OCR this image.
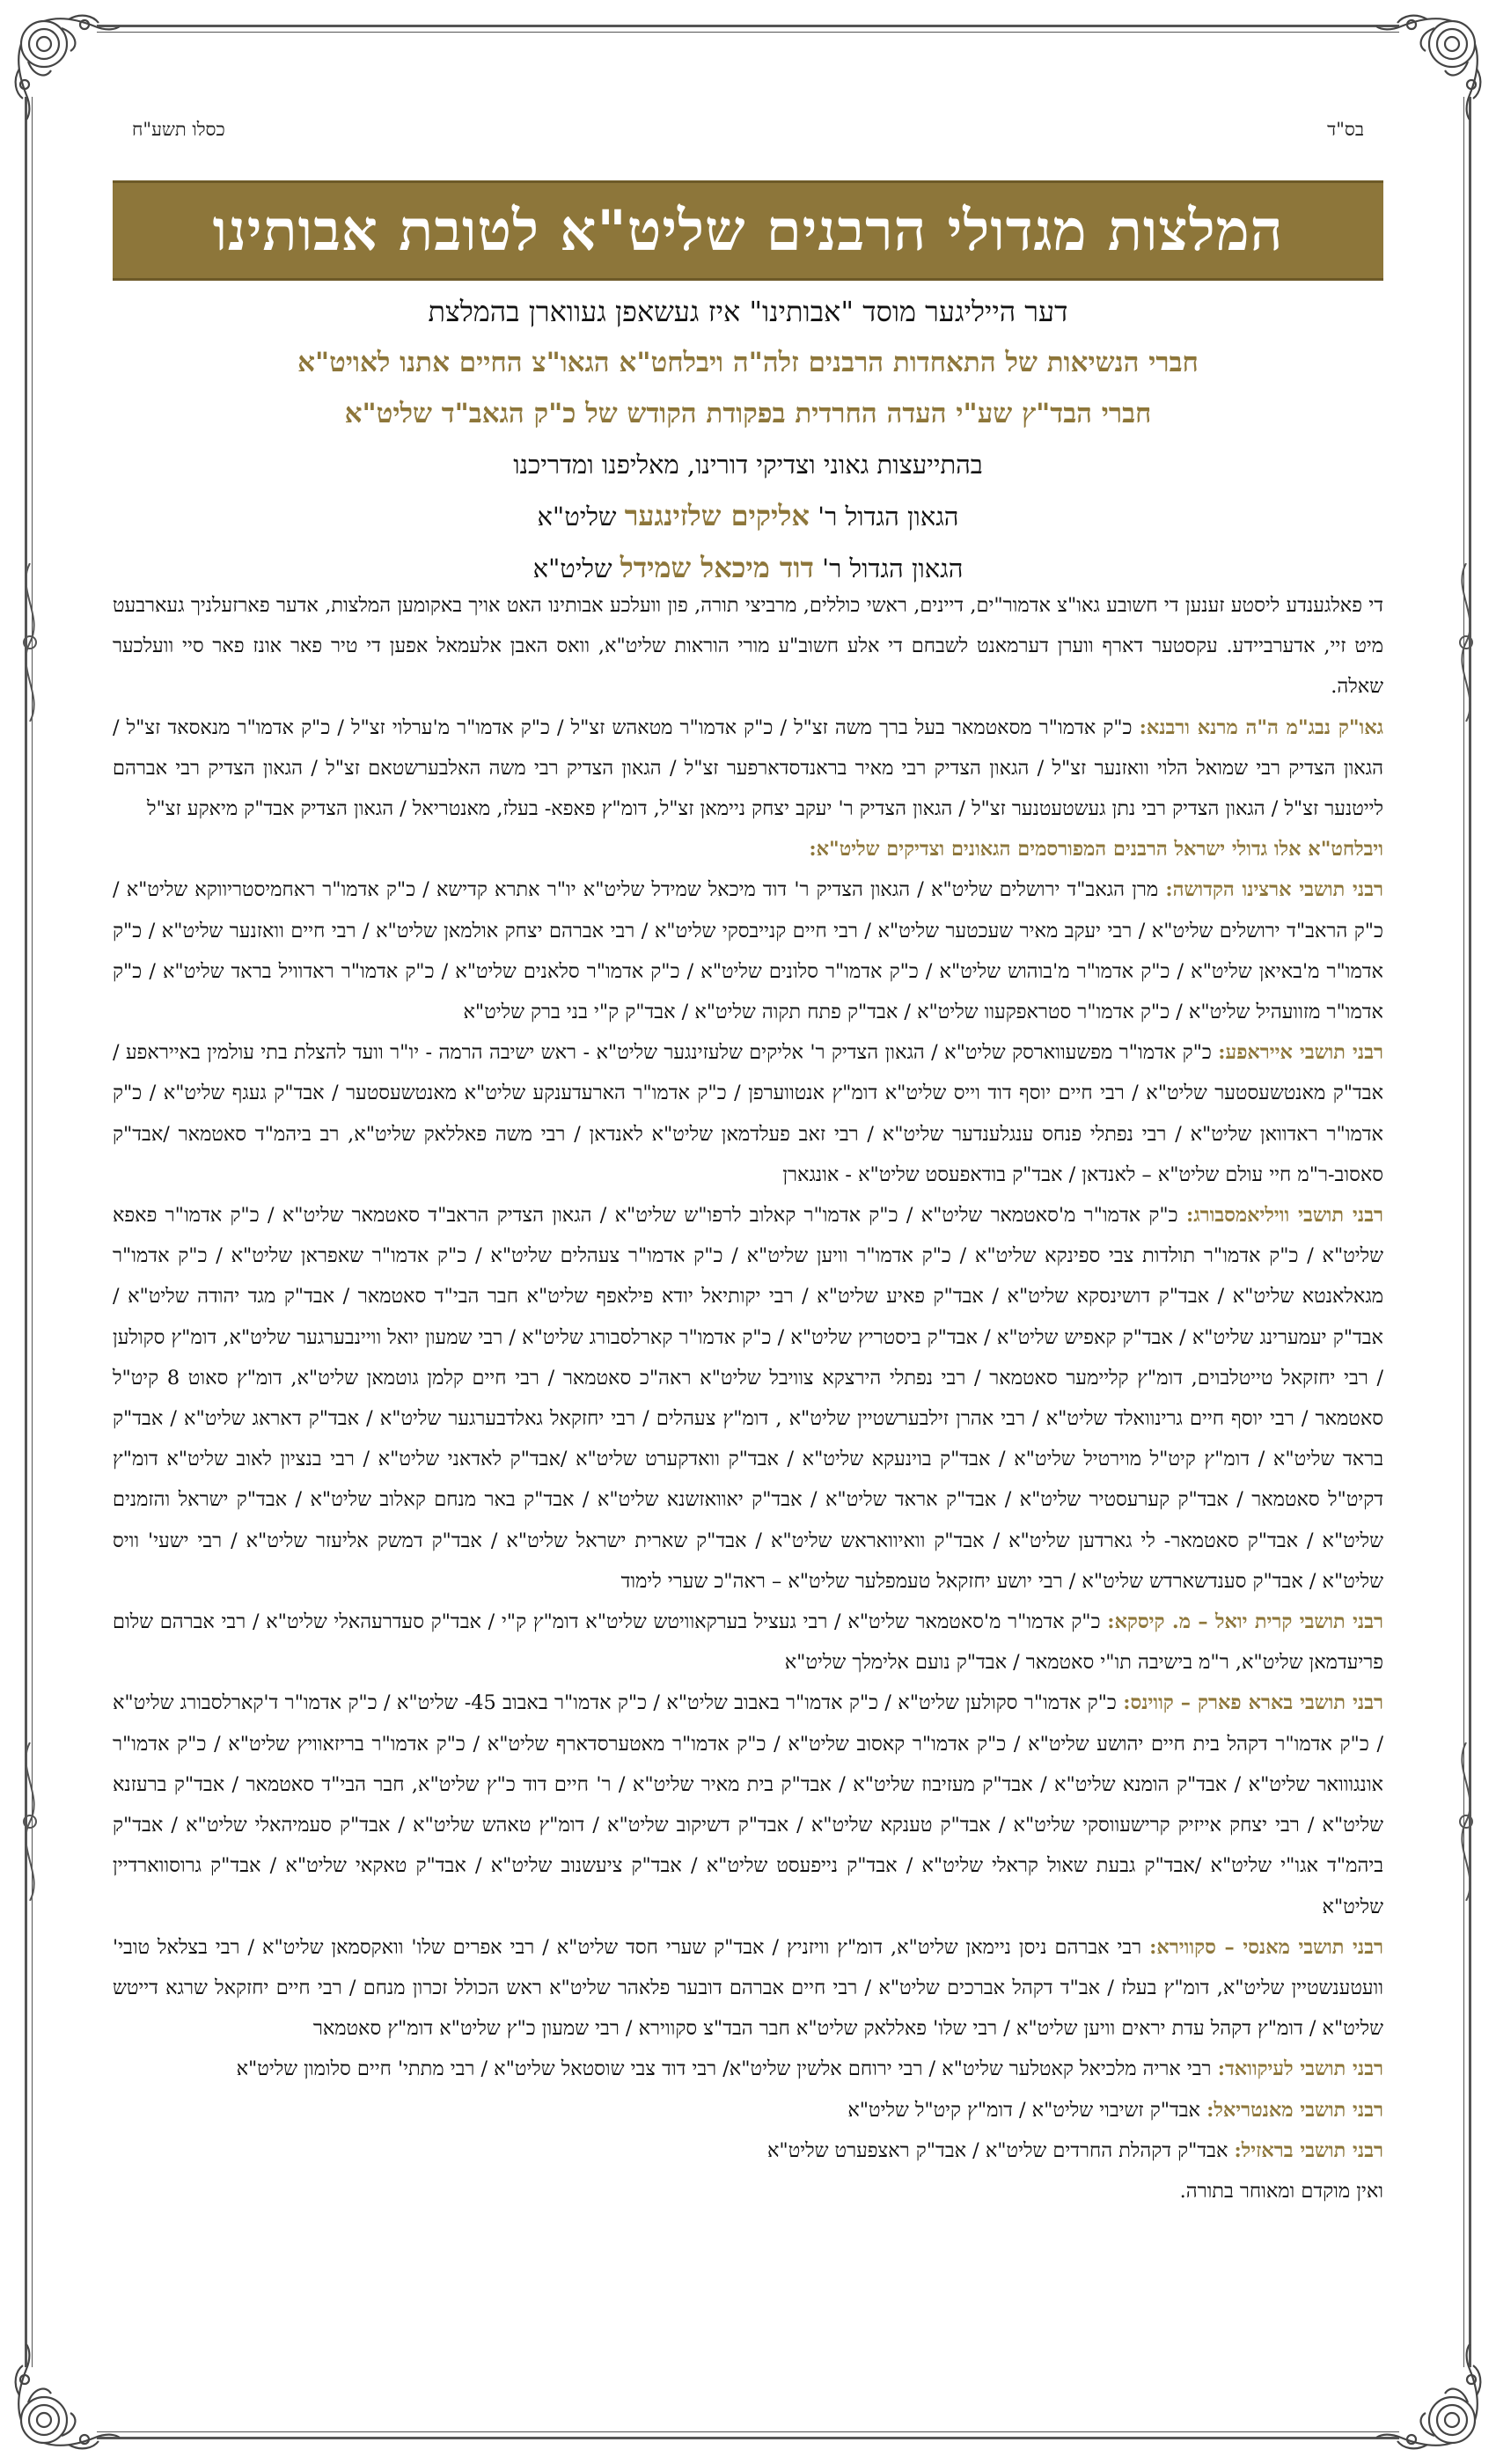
בס"ד
כסלו תשע"ח
המלצות מגדולי הרבנים שליט"א לטובת אבותינו
דער הייליגער מוסד "אבותינו" איז געשאפן געווארן בהמלצת
חברי הנשיאות של התאחדות הרבנים זלה"ה ויבלחט"א הגאו"צ החיים אתנו לאויט"א
חברי הבד"ץ שע"י העדה החרדית בפקודת הקודש של כ"ק הגאב"ד שליט"א
בהתייעצות גאוני וצדיקי דורינו, מאליפנו ומדריכנו
הגאון הגדול ר' אליקים שלזינגער שליט"א
הגאון הגדול ר' דוד מיכאל שמידל שליט"א

די פאלגענדע ליסטע זענען די חשובע גאו"צ אדמור"ים, דיינים, ראשי כוללים, מרביצי תורה, פון וועלכע אבותינו האט אויך באקומען המלצות, אדער פארזעלניך געארבעט מיט זיי, אדערביידע. עקסטער דארף ווערן דערמאנט לשבחם די אלע חשוב"ע מורי הוראות שליט"א, וואס האבן אלעמאל אפען די טיר פאר אונז פאר סיי וועלכער שאלה.

גאו"ק נבג"מ ה"ה מרנא ורבנא: כ"ק אדמו"ר מסאטמאר בעל ברך משה זצ"ל / כ"ק אדמו"ר מטאהש זצ"ל / כ"ק אדמו"ר מ'ערלוי זצ"ל / כ"ק אדמו"ר מנאסאד זצ"ל / הגאון הצדיק רבי שמואל הלוי וואזנער זצ"ל / הגאון הצדיק רבי מאיר בראנדסדארפער זצ"ל / הגאון הצדיק רבי משה האלבערשטאם זצ"ל / הגאון הצדיק רבי אברהם לייטנער זצ"ל / הגאון הצדיק רבי נתן געשטעטנער זצ"ל / הגאון הצדיק ר' יעקב יצחק ניימאן זצ"ל, דומ"ץ פאפא- בעלז, מאנטריאל / הגאון הצדיק אבד"ק מיאקע זצ"ל

ויבלחט"א אלו גדולי ישראל הרבנים המפורסמים הגאונים וצדיקים שליט"א:

רבני תושבי ארצינו הקדושה: מרן הגאב"ד ירושלים שליט"א / הגאון הצדיק ר' דוד מיכאל שמידל שליט"א יו"ר אתרא קדישא / כ"ק אדמו"ר ראחמיסטריווקא שליט"א / כ"ק הראב"ד ירושלים שליט"א / רבי יעקב מאיר שעכטער שליט"א / רבי חיים קנייבסקי שליט"א / רבי אברהם יצחק אולמאן שליט"א / רבי חיים וואזנער שליט"א / כ"ק אדמו"ר מ'באיאן שליט"א / כ"ק אדמו"ר מ'בוהוש שליט"א / כ"ק אדמו"ר סלונים שליט"א / כ"ק אדמו"ר סלאנים שליט"א / כ"ק אדמו"ר ראדוויל בראד שליט"א / כ"ק אדמו"ר מזוועהיל שליט"א / כ"ק אדמו"ר סטראפקעוו שליט"א / אבד"ק פתח תקוה שליט"א / אבד"ק ק"י בני ברק שליט"א

רבני תושבי אייראפע: כ"ק אדמו"ר מפשעווארסק שליט"א / הגאון הצדיק ר' אליקים שלעזינגער שליט"א - ראש ישיבה הרמה - יו"ר וועד להצלת בתי עולמין באייראפע / אבד"ק מאנטשעסטער שליט"א / רבי חיים יוסף דוד וייס שליט"א דומ"ץ אנטווערפן / כ"ק אדמו"ר הארעדענקע שליט"א מאנטשעסטער / אבד"ק געגף שליט"א / כ"ק אדמו"ר ראדוואן שליט"א / רבי נפתלי פנחס ענגלענדער שליט"א / רבי זאב פעלדמאן שליט"א לאנדאן / רבי משה פאללאק שליט"א, רב ביהמ"ד סאטמאר /אבד"ק סאסוב-ר"מ חיי עולם שליט"א – לאנדאן / אבד"ק בודאפעסט שליט"א - אונגארן

רבני תושבי וויליאמסבורג: כ"ק אדמו"ר מ'סאטמאר שליט"א / כ"ק אדמו"ר קאלוב לרפו"ש שליט"א / הגאון הצדיק הראב"ד סאטמאר שליט"א / כ"ק אדמו"ר פאפא שליט"א / כ"ק אדמו"ר תולדות צבי ספינקא שליט"א / כ"ק אדמו"ר וויען שליט"א / כ"ק אדמו"ר צעהלים שליט"א / כ"ק אדמו"ר שאפראן שליט"א / כ"ק אדמו"ר מגאלאנטא שליט"א / אבד"ק דושינסקא שליט"א / אבד"ק פאיע שליט"א / רבי יקותיאל יודא פילאפף שליט"א חבר הבי"ד סאטמאר / אבד"ק מגד יהודה שליט"א / אבד"ק יעמערינג שליט"א / אבד"ק קאפיש שליט"א / אבד"ק ביסטריץ שליט"א / כ"ק אדמו"ר קארלסבורג שליט"א / רבי שמעון יואל וויינבערגער שליט"א, דומ"ץ סקולען / רבי יחזקאל טייטלבוים, דומ"ץ קליימער סאטמאר / רבי נפתלי הירצקא צוויבל שליט"א ראה"כ סאטמאר / רבי חיים קלמן גוטמאן שליט"א, דומ"ץ סאוט 8 קיט"ל סאטמאר / רבי יוסף חיים גרינוואלד שליט"א / רבי אהרן זילבערשטיין שליט"א , דומ"ץ צעהלים / רבי יחזקאל גאלדבערגער שליט"א / אבד"ק דאראג שליט"א / אבד"ק בראד שליט"א / דומ"ץ קיט"ל מוירטיל שליט"א / אבד"ק בוינעקא שליט"א / אבד"ק וואדקערט שליט"א /אבד"ק לאדאני שליט"א / רבי בנציון לאוב שליט"א דומ"ץ דקיט"ל סאטמאר / אבד"ק קערעסטיר שליט"א / אבד"ק אראד שליט"א / אבד"ק יאוואזשנא שליט"א / אבד"ק באר מנחם קאלוב שליט"א / אבד"ק ישראל והזמנים שליט"א / אבד"ק סאטמאר- לי גארדען שליט"א / אבד"ק וואיוואראש שליט"א / אבד"ק שארית ישראל שליט"א / אבד"ק דמשק אליעזר שליט"א / רבי ישעי' וויס שליט"א / אבד"ק סענדשארדש שליט"א / רבי יושע יחזקאל טעמפלער שליט"א – ראה"כ שערי לימוד

רבני תושבי קרית יואל – מ. קיסקא: כ"ק אדמו"ר מ'סאטמאר שליט"א / רבי געציל בערקאוויטש שליט"א דומ"ץ ק"י / אבד"ק סעדרעהאלי שליט"א / רבי אברהם שלום פריעדמאן שליט"א, ר"מ בישיבה תו"י סאטמאר / אבד"ק נועם אלימלך שליט"א

רבני תושבי בארא פארק – קווינס: כ"ק אדמו"ר סקולען שליט"א / כ"ק אדמו"ר באבוב שליט"א / כ"ק אדמו"ר באבוב 45- שליט"א / כ"ק אדמו"ר ד'קארלסבורג שליט"א / כ"ק אדמו"ר דקהל בית חיים יהושע שליט"א / כ"ק אדמו"ר קאסוב שליט"א / כ"ק אדמו"ר מאטערסדארף שליט"א / כ"ק אדמו"ר בריזאוויץ שליט"א / כ"ק אדמו"ר אונגווואר שליט"א / אבד"ק הומנא שליט"א / אבד"ק מעזיבוז שליט"א / אבד"ק בית מאיר שליט"א / ר' חיים דוד כ"ץ שליט"א, חבר הבי"ד סאטמאר / אבד"ק ברעזנא שליט"א / רבי יצחק אייזיק קרישעווסקי שליט"א / אבד"ק טענקא שליט"א / אבד"ק דשיקוב שליט"א / דומ"ץ טאהש שליט"א / אבד"ק סעמיהאלי שליט"א / אבד"ק ביהמ"ד אגו"י שליט"א /אבד"ק גבעת שאול קראלי שליט"א / אבד"ק נייפעסט שליט"א / אבד"ק ציעשנוב שליט"א / אבד"ק טאקאי שליט"א / אבד"ק גרוסווארדיין שליט"א

רבני תושבי מאנסי – סקווירא: רבי אברהם ניסן ניימאן שליט"א, דומ"ץ וויזניץ / אבד"ק שערי חסד שליט"א / רבי אפרים שלו' וואקסמאן שליט"א / רבי בצלאל טובי' וועטענשטיין שליט"א, דומ"ץ בעלז / אב"ד דקהל אברכים שליט"א / רבי חיים אברהם דובער פלאהר שליט"א ראש הכולל זכרון מנחם / רבי חיים יחזקאל שרגא דייטש שליט"א / דומ"ץ דקהל עדת יראים וויען שליט"א / רבי שלו' פאללאק שליט"א חבר הבד"צ סקווירא / רבי שמעון כ"ץ שליט"א דומ"ץ סאטמאר

רבני תושבי לעיקוואד: רבי אריה מלכיאל קאטלער שליט"א / רבי ירוחם אלשין שליט"א/ רבי דוד צבי שוסטאל שליט"א / רבי מתתי' חיים סלומון שליט"א

רבני תושבי מאנטריאל: אבד"ק זשיבוי שליט"א / דומ"ץ קיט"ל שליט"א

רבני תושבי בראזיל: אבד"ק דקהלת החרדים שליט"א / אבד"ק ראצפערט שליט"א

ואין מוקדם ומאוחר בתורה.
